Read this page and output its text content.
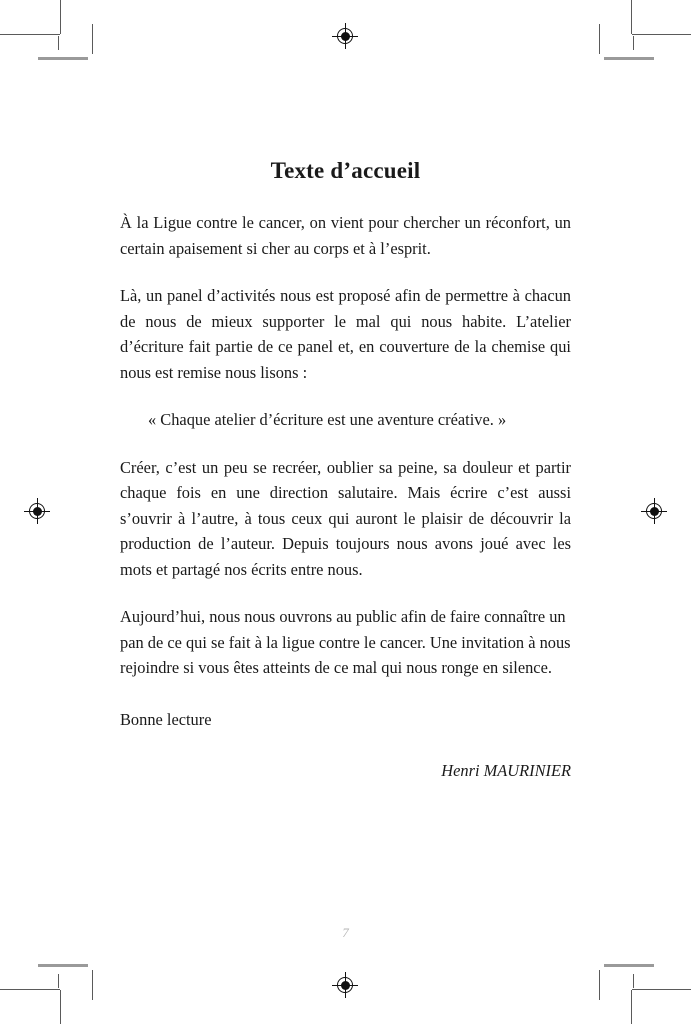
Texte d’accueil

À la Ligue contre le cancer, on vient pour chercher un réconfort, un certain apaisement si cher au corps et à l’esprit.

Là, un panel d’activités nous est proposé afin de permettre à chacun de nous de mieux supporter le mal qui nous habite. L’atelier d’écriture fait partie de ce panel et, en couverture de la chemise qui nous est remise nous lisons :

« Chaque atelier d’écriture est une aventure créative. »

Créer, c’est un peu se recréer, oublier sa peine, sa douleur et partir chaque fois en une direction salutaire. Mais écrire c’est aussi s’ouvrir à l’autre, à tous ceux qui auront le plaisir de découvrir la production de l’auteur. Depuis toujours nous avons joué avec les mots et partagé nos écrits entre nous.

Aujourd’hui, nous nous ouvrons au public afin de faire connaître un pan de ce qui se fait à la ligue contre le cancer. Une invitation à nous rejoindre si vous êtes atteints de ce mal qui nous ronge en silence.

Bonne lecture

Henri MAURINIER

7
